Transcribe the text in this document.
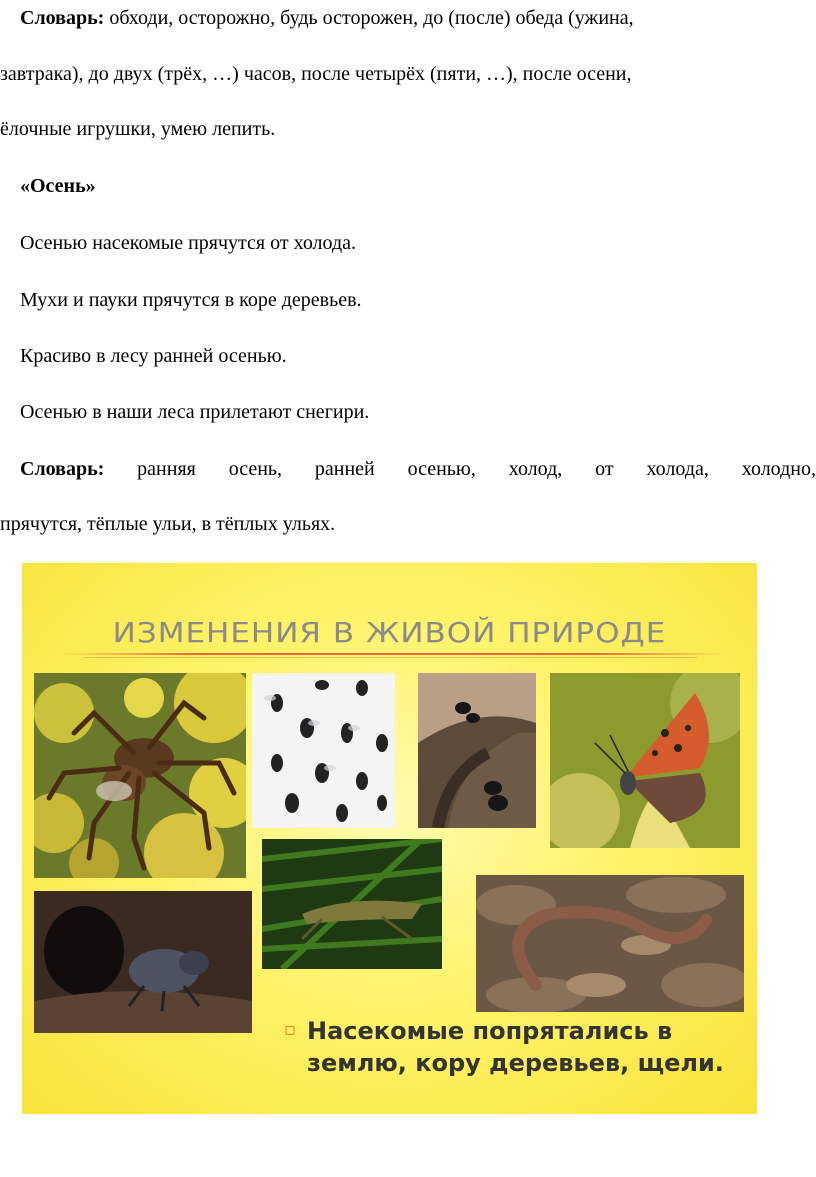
Словарь: обходи, осторожно, будь осторожен, до (после) обеда (ужина,
завтрака), до двух (трёх, …) часов, после четырёх (пяти, …), после осени,
ёлочные игрушки, умею лепить.
«Осень»
Осенью насекомые прячутся от холода.
Мухи и пауки прячутся в коре деревьев.
Красиво в лесу ранней осенью.
Осенью в наши леса прилетают снегири.
Словарь: ранняя осень, ранней осенью, холод, от холода, холодно,
прячутся, тёплые ульи, в тёплых ульях.
ИЗМЕНЕНИЯ В ЖИВОЙ ПРИРОДЕ
▫ Насекомые попрятались в
землю, кору деревьев, щели.
